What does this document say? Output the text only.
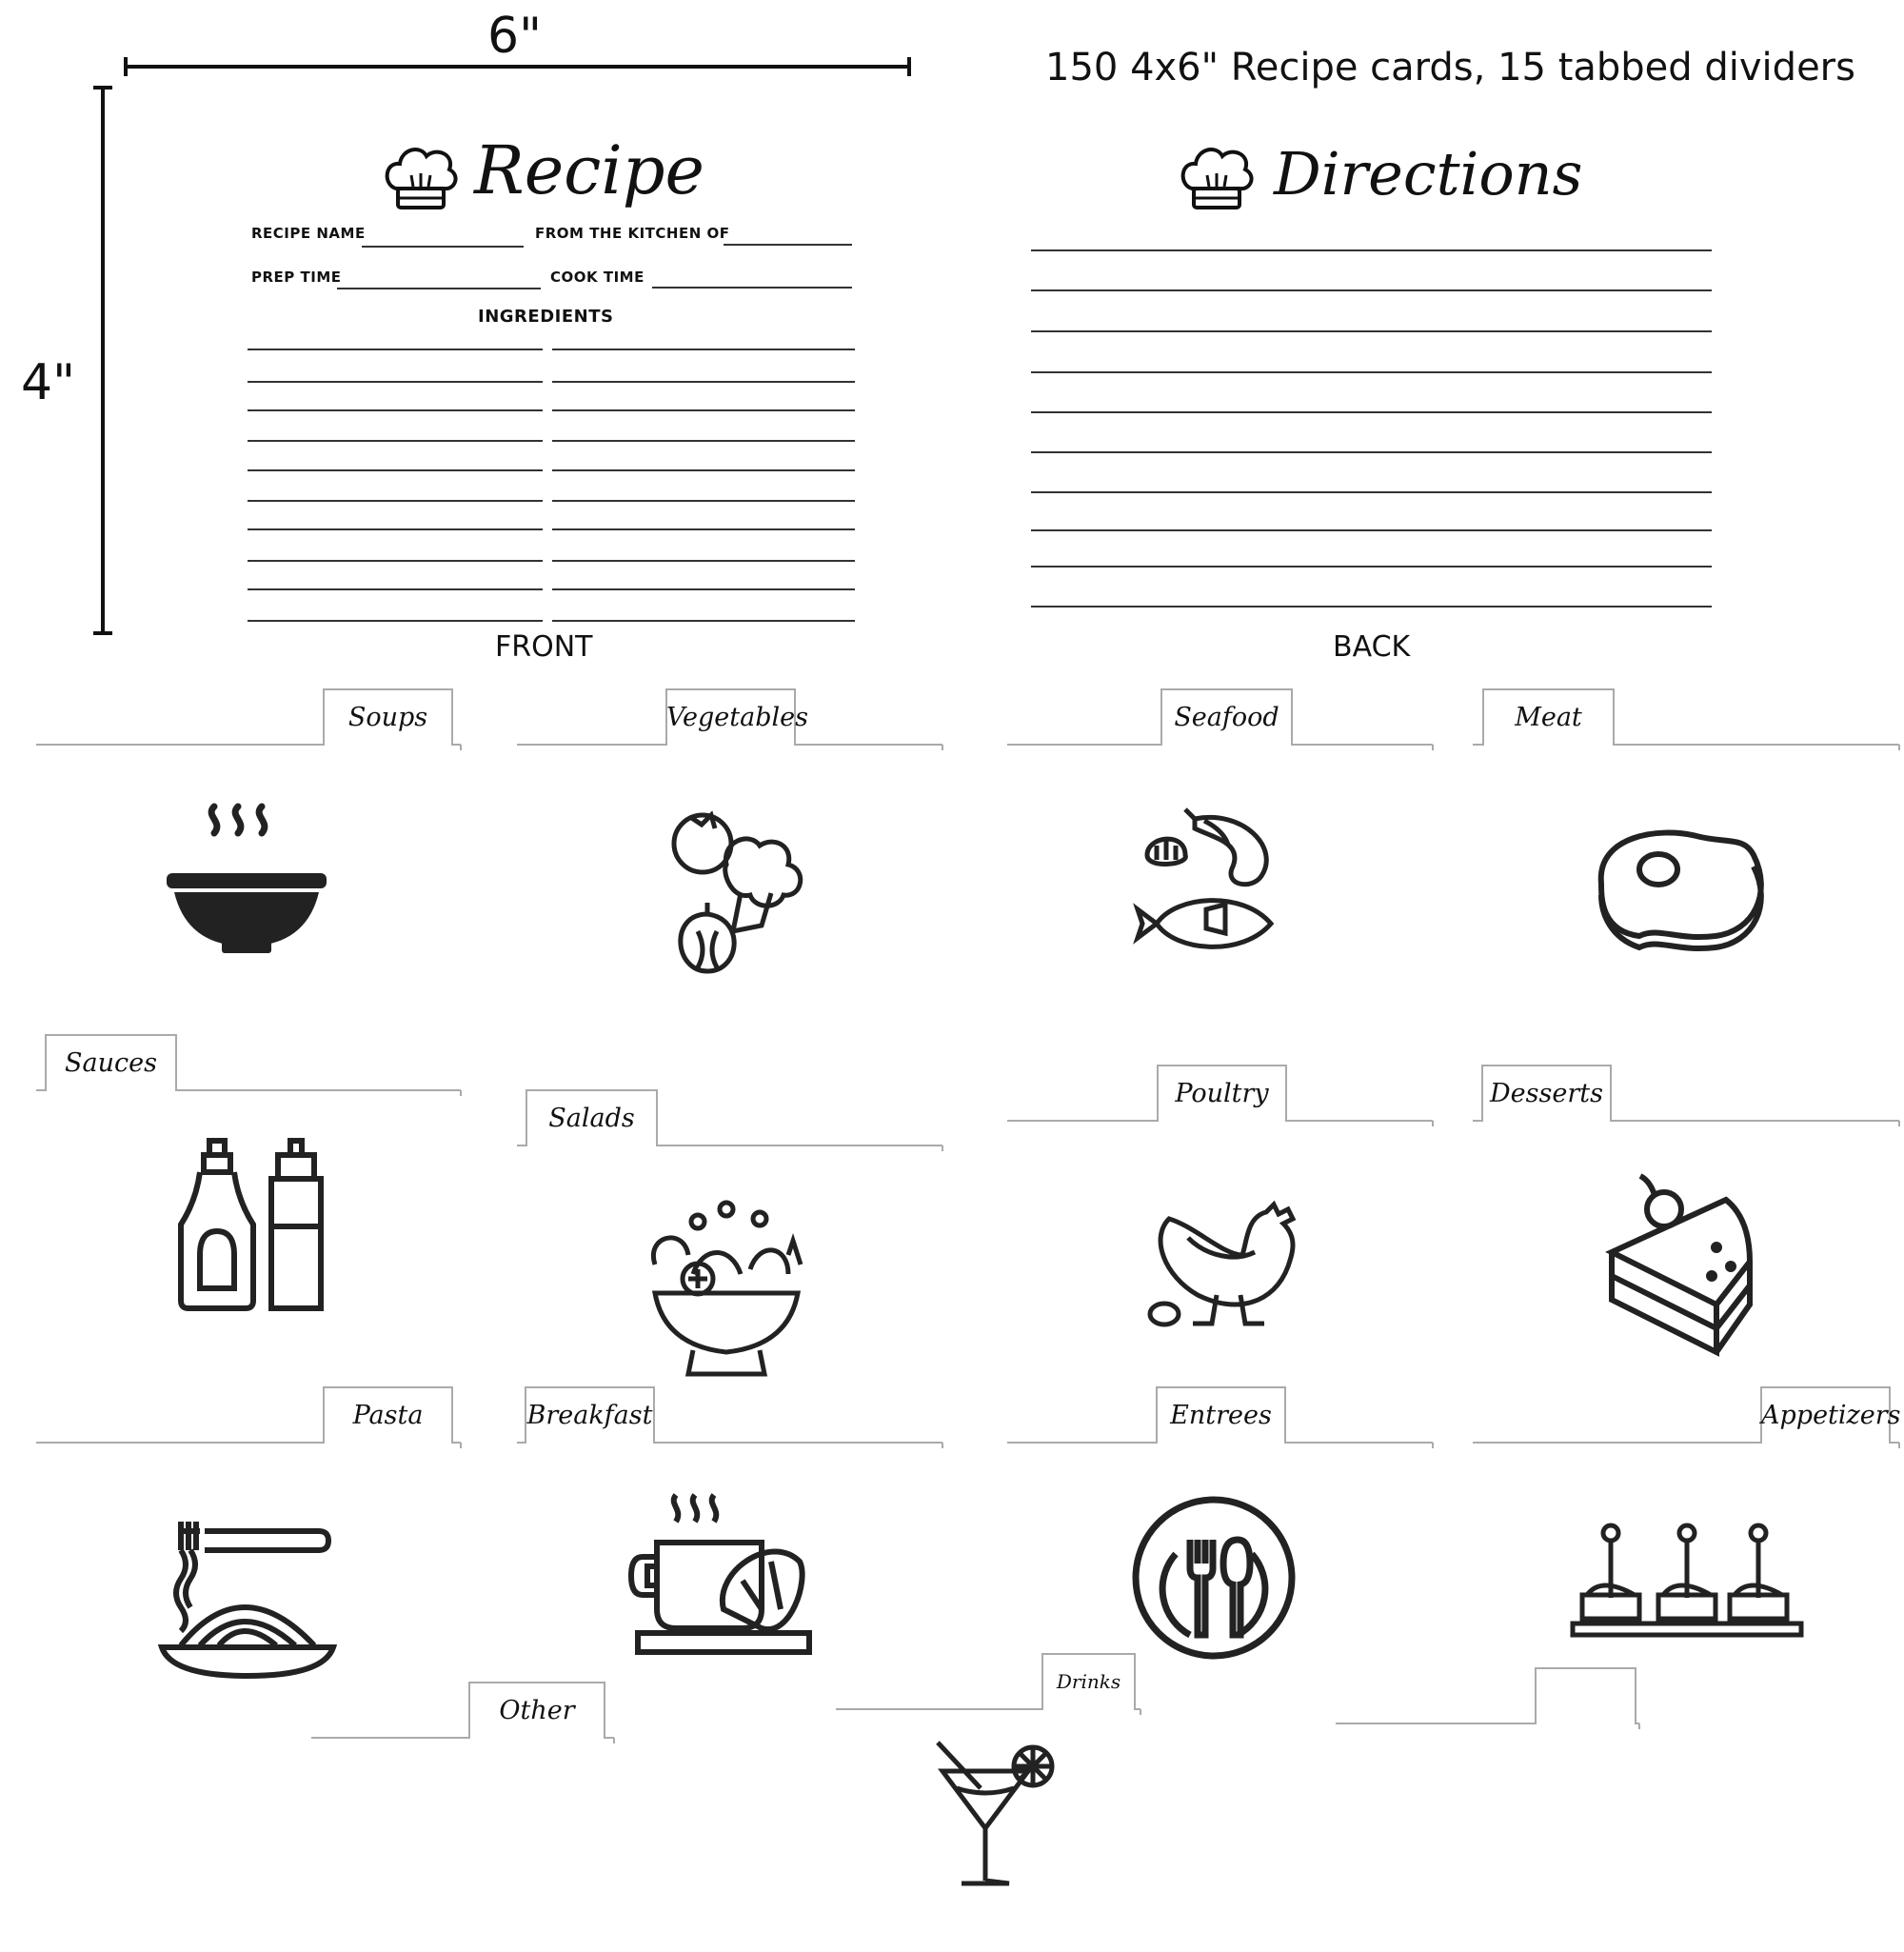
6"
4"
150 4x6" Recipe cards, 15 tabbed dividers
Recipe
RECIPE NAME	FROM THE KITCHEN OF
PREP TIME	COOK TIME
INGREDIENTS
FRONT
Directions
BACK
Soups	Vegetables	Seafood	Meat
Sauces
Salads
Poultry	Desserts
Pasta	Breakfast	Entrees	Appetizers
Other
Drinks
